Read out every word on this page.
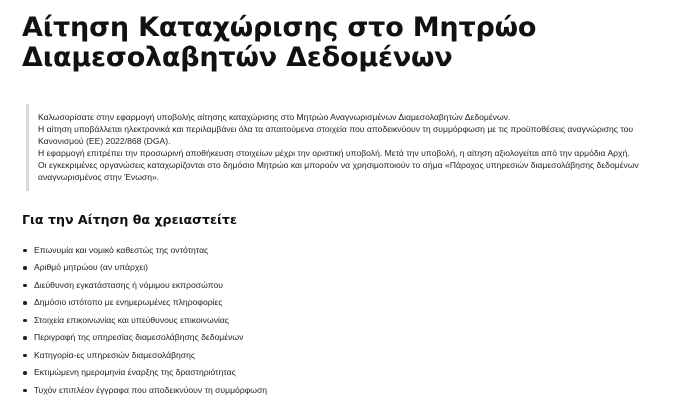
Αίτηση Καταχώρισης στο Μητρώο
Διαμεσολαβητών Δεδομένων

Καλωσορίσατε στην εφαρμογή υποβολής αίτησης καταχώρισης στο Μητρώο Αναγνωρισμένων Διαμεσολαβητών Δεδομένων.

Η αίτηση υποβάλλεται ηλεκτρονικά και περιλαμβάνει όλα τα απαιτούμενα στοιχεία που αποδεικνύουν τη συμμόρφωση με τις προϋποθέσεις αναγνώρισης του Κανονισμού (ΕΕ) 2022/868 (DGA).

Η εφαρμογή επιτρέπει την προσωρινή αποθήκευση στοιχείων μέχρι την οριστική υποβολή. Μετά την υποβολή, η αίτηση αξιολογείται από την αρμόδια Αρχή.

Οι εγκεκριμένες οργανώσεις καταχωρίζονται στο δημόσιο Μητρώο και μπορούν να χρησιμοποιούν το σήμα «Πάροχος υπηρεσιών διαμεσολάβησης δεδομένων αναγνωρισμένος στην Ένωση».

Για την Αίτηση θα χρειαστείτε
Επωνυμία και νομικό καθεστώς της οντότητας
Αριθμό μητρώου (αν υπάρχει)
Διεύθυνση εγκατάστασης ή νόμιμου εκπροσώπου
Δημόσιο ιστότοπο με ενημερωμένες πληροφορίες
Στοιχεία επικοινωνίας και υπεύθυνους επικοινωνίας
Περιγραφή της υπηρεσίας διαμεσολάβησης δεδομένων
Κατηγορία-ες υπηρεσιών διαμεσολάβησης
Εκτιμώμενη ημερομηνία έναρξης της δραστηριότητας
Τυχόν επιπλέον έγγραφα που αποδεικνύουν τη συμμόρφωση
